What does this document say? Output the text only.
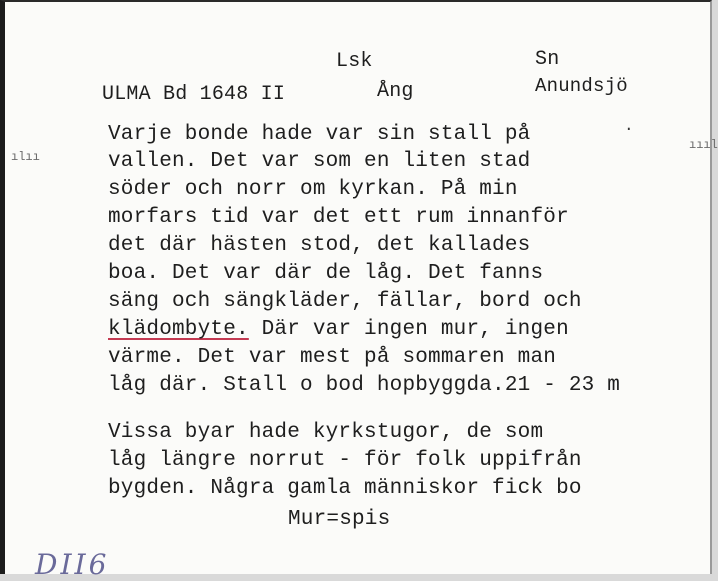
ılıı
ıııl
·
Lsk	Sn
ULMA Bd 1648 II	Ång	Anundsjö
Varje bonde hade var sin stall på
vallen. Det var som en liten stad
söder och norr om kyrkan. På min
morfars tid var det ett rum innanför
det där hästen stod, det kallades
boa. Det var där de låg. Det fanns
säng och sängkläder, fällar, bord och
klädombyte. Där var ingen mur, ingen
värme. Det var mest på sommaren man
låg där. Stall o bod hopbyggda.21 - 23 m
Vissa byar hade kyrkstugor, de som
låg längre norrut - för folk uppifrån
bygden. Några gamla människor fick bo
Mur=spis
DII6
